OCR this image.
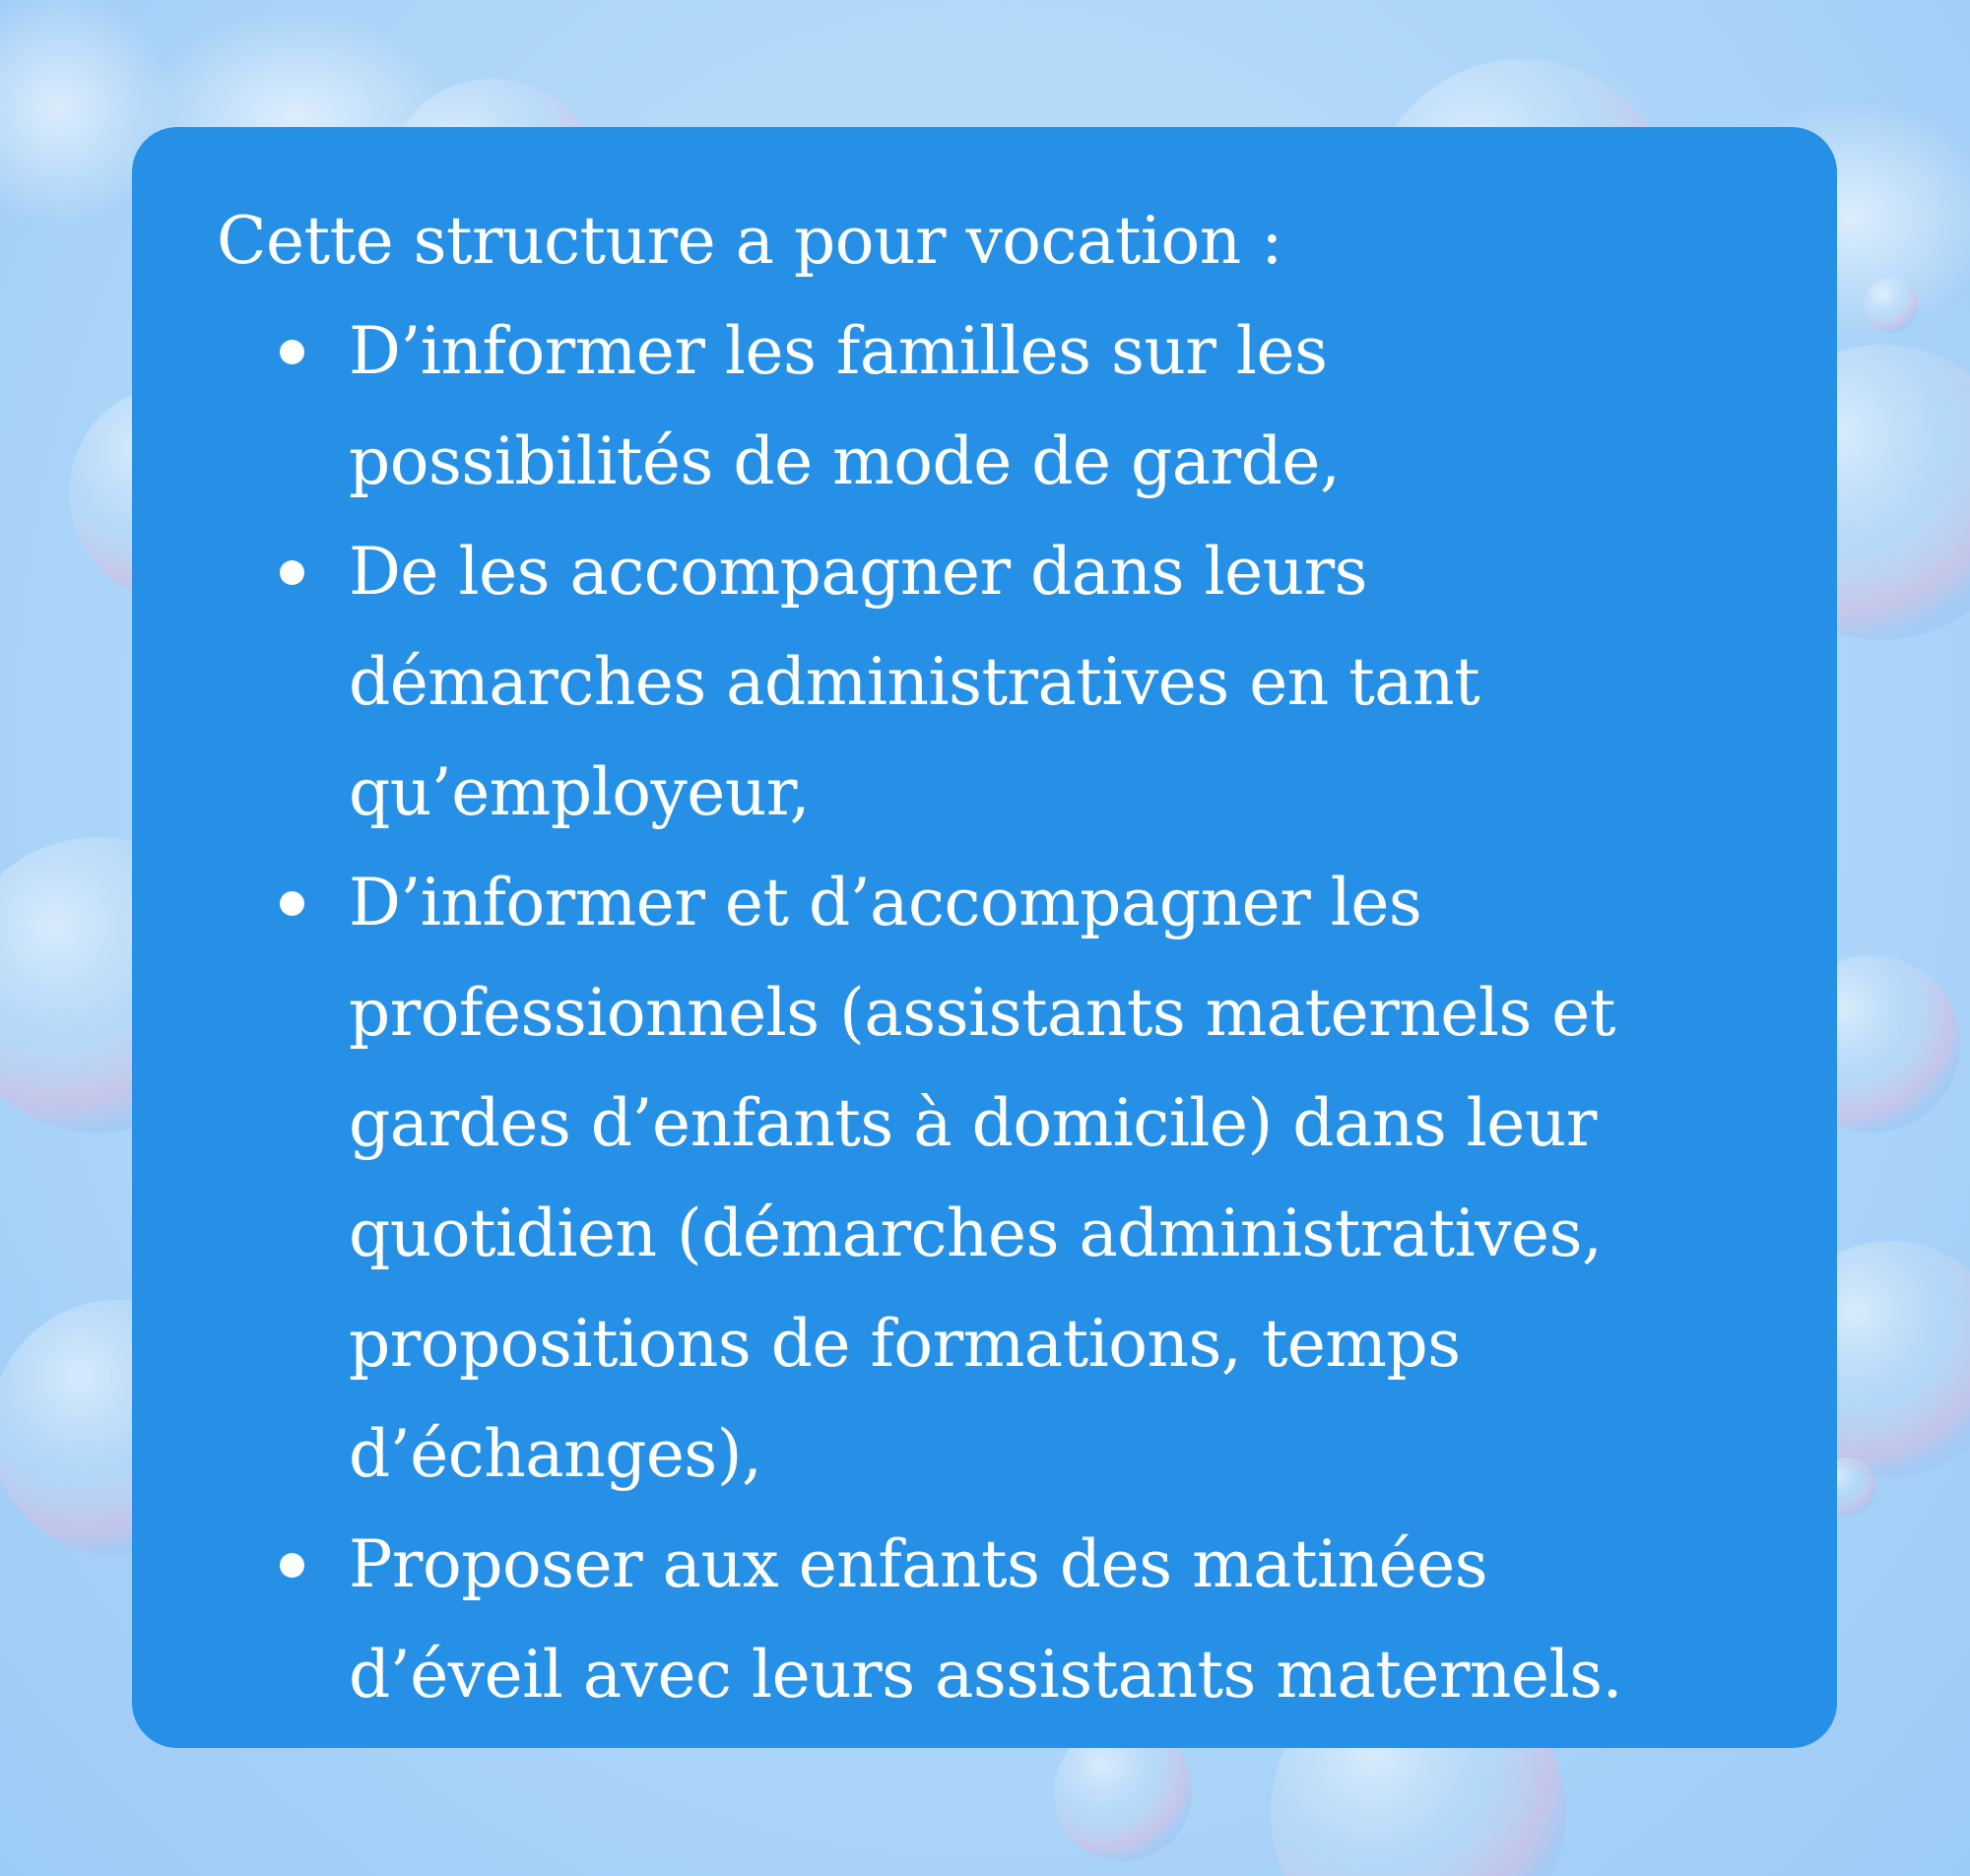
Cette structure a pour vocation :

D’informer les familles sur les
possibilités de mode de garde,
De les accompagner dans leurs
démarches administratives en tant
qu’employeur,
D’informer et d’accompagner les
professionnels (assistants maternels et
gardes d’enfants à domicile) dans leur
quotidien (démarches administratives,
propositions de formations, temps
d’échanges),
Proposer aux enfants des matinées
d’éveil avec leurs assistants maternels.
